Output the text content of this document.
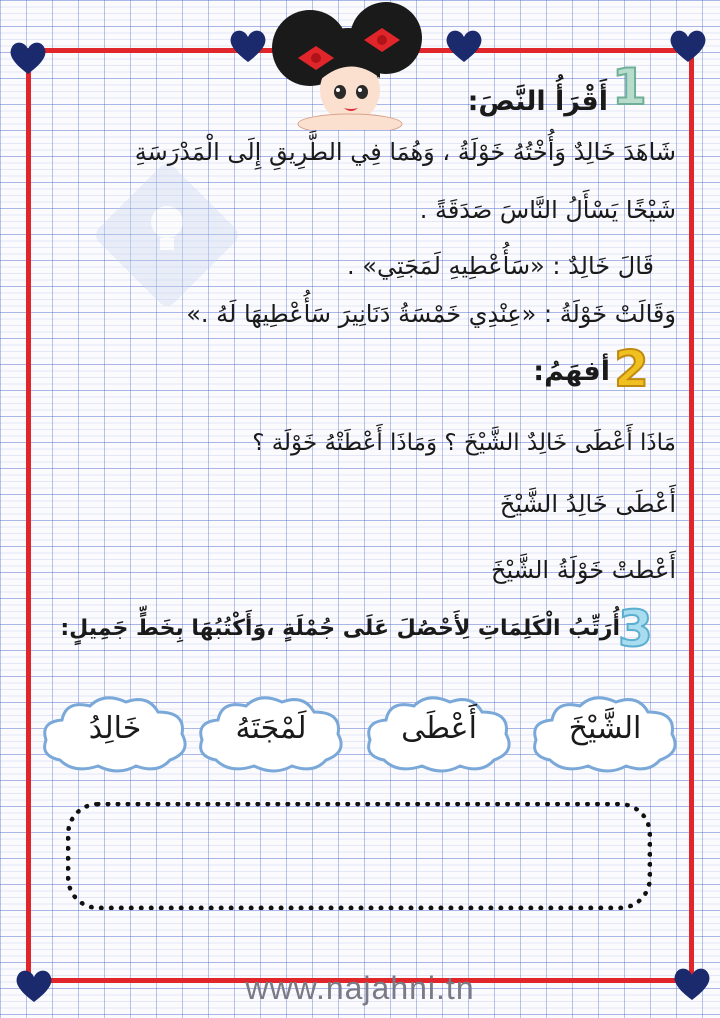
1
أَقْرَأُ النَّصَ:
شَاهَدَ خَالِدٌ وَأُخْتُهُ خَوْلَةُ ، وَهُمَا فِي الطَّرِيقِ إِلَى الْمَدْرَسَةِ
شَيْخًا يَسْأَلُ النَّاسَ صَدَقَةً .
قَالَ خَالِدٌ : «سَأُعْطِيهِ لَمَجَتِي» .
وَقَالَتْ خَوْلَةُ : «عِنْدِي خَمْسَةُ دَنَانِيرَ سَأُعْطِيهَا لَهُ .»
2
أفهَمُ:
مَاذَا أَعْطَى خَالِدٌ الشَّيْخَ ؟ وَمَاذَا أَعْطَتْهُ خَوْلَة ؟
أَعْطَى خَالِدُ الشَّيْخَ
أَعْطتْ خَوْلَةُ الشَّيْخَ
3
أُرَتِّبُ الْكَلِمَاتِ لِأَحْصُلَ عَلَى جُمْلَةٍ ،وَأَكْتُبُهَا بِخَطٍّ جَمِيلٍ:
الشَّيْخَ
أَعْطَى
لَمْجَتَهُ
خَالِدُ
www.najahni.tn
